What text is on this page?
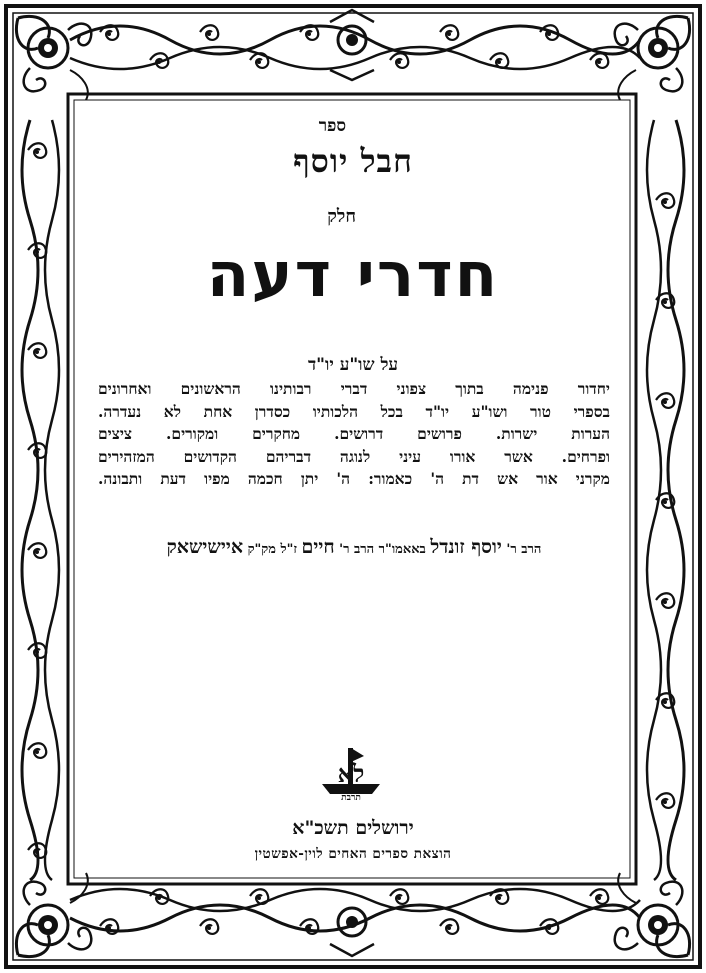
ספר
חבל יוסף
חלק
חדרי דעה
על שו"ע יו"ד
יחדור פנימה בתוך צפוני דברי רבותינו הראשונים ואחרונים
בספרי טור ושו"ע יו"ד בכל הלכותיו כסדרן אחת לא נעדרה.
הערות ישרות. פרושים דרושים. מחקרים ומקורים. ציצים
ופרחים. אשר אורו עיני לנוגה דבריהם הקדושים המזהירים
מקרני אור אש דת ה' כאמור: ה' יתן חכמה מפיו דעת ותבונה.
הרב ר' יוסף זונדל באאמו"ר הרב ר' חיים ז"ל מק"ק איישישאק
לא
תרבת
ירושלים תשכ"א
הוצאת ספרים האחים לוין-אפשטין
